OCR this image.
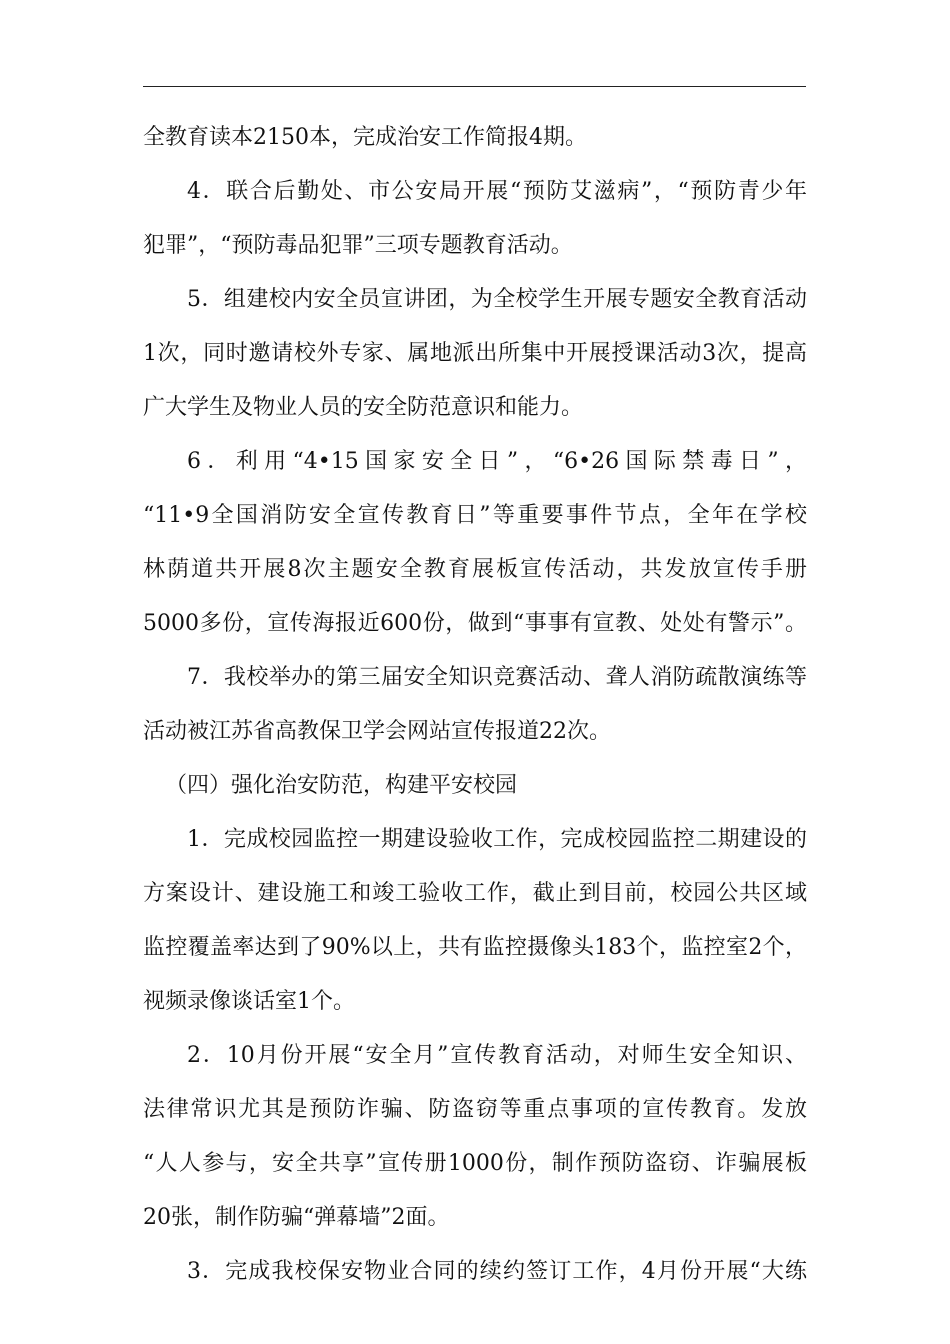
全教育读本2150本，完成治安工作简报4期。
4．联合后勤处、市公安局开展“预防艾滋病”，“预防青少年
犯罪”，“预防毒品犯罪”三项专题教育活动。
5．组建校内安全员宣讲团，为全校学生开展专题安全教育活动
1次，同时邀请校外专家、属地派出所集中开展授课活动3次，提高
广大学生及物业人员的安全防范意识和能力。
6．利用“4•15国家安全日”，“6•26国际禁毒日”，
“11•9全国消防安全宣传教育日”等重要事件节点，全年在学校
林荫道共开展8次主题安全教育展板宣传活动，共发放宣传手册
5000多份，宣传海报近600份，做到“事事有宣教、处处有警示”。
7．我校举办的第三届安全知识竞赛活动、聋人消防疏散演练等
活动被江苏省高教保卫学会网站宣传报道22次。
（四）强化治安防范，构建平安校园
1．完成校园监控一期建设验收工作，完成校园监控二期建设的
方案设计、建设施工和竣工验收工作，截止到目前，校园公共区域
监控覆盖率达到了90%以上，共有监控摄像头183个，监控室2个，
视频录像谈话室1个。
2．10月份开展“安全月”宣传教育活动，对师生安全知识、
法律常识尤其是预防诈骗、防盗窃等重点事项的宣传教育。发放
“人人参与，安全共享”宣传册1000份，制作预防盗窃、诈骗展板
20张，制作防骗“弹幕墙”2面。
3．完成我校保安物业合同的续约签订工作，4月份开展“大练
